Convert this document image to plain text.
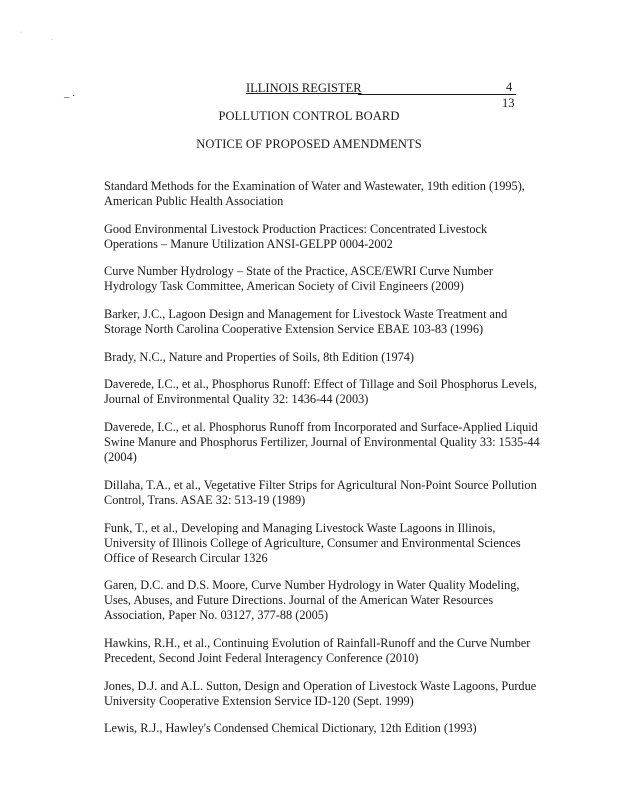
·
·
_ .	ILLINOIS REGISTER	4
13
POLLUTION CONTROL BOARD
NOTICE OF PROPOSED AMENDMENTS
Standard Methods for the Examination of Water and Wastewater, 19th edition (1995),
American Public Health Association
Good Environmental Livestock Production Practices: Concentrated Livestock
Operations – Manure Utilization ANSI-GELPP 0004-2002
Curve Number Hydrology – State of the Practice, ASCE/EWRI Curve Number
Hydrology Task Committee, American Society of Civil Engineers (2009)
Barker, J.C., Lagoon Design and Management for Livestock Waste Treatment and
Storage North Carolina Cooperative Extension Service EBAE 103-83 (1996)
Brady, N.C., Nature and Properties of Soils, 8th Edition (1974)
Daverede, I.C., et al., Phosphorus Runoff: Effect of Tillage and Soil Phosphorus Levels,
Journal of Environmental Quality 32: 1436-44 (2003)
Daverede, I.C., et al. Phosphorus Runoff from Incorporated and Surface-Applied Liquid
Swine Manure and Phosphorus Fertilizer, Journal of Environmental Quality 33: 1535-44
(2004)
Dillaha, T.A., et al., Vegetative Filter Strips for Agricultural Non-Point Source Pollution
Control, Trans. ASAE 32: 513-19 (1989)
Funk, T., et al., Developing and Managing Livestock Waste Lagoons in Illinois,
University of Illinois College of Agriculture, Consumer and Environmental Sciences
Office of Research Circular 1326
Garen, D.C. and D.S. Moore, Curve Number Hydrology in Water Quality Modeling,
Uses, Abuses, and Future Directions. Journal of the American Water Resources
Association, Paper No. 03127, 377-88 (2005)
Hawkins, R.H., et al., Continuing Evolution of Rainfall-Runoff and the Curve Number
Precedent, Second Joint Federal Interagency Conference (2010)
Jones, D.J. and A.L. Sutton, Design and Operation of Livestock Waste Lagoons, Purdue
University Cooperative Extension Service ID-120 (Sept. 1999)
Lewis, R.J., Hawley's Condensed Chemical Dictionary, 12th Edition (1993)
